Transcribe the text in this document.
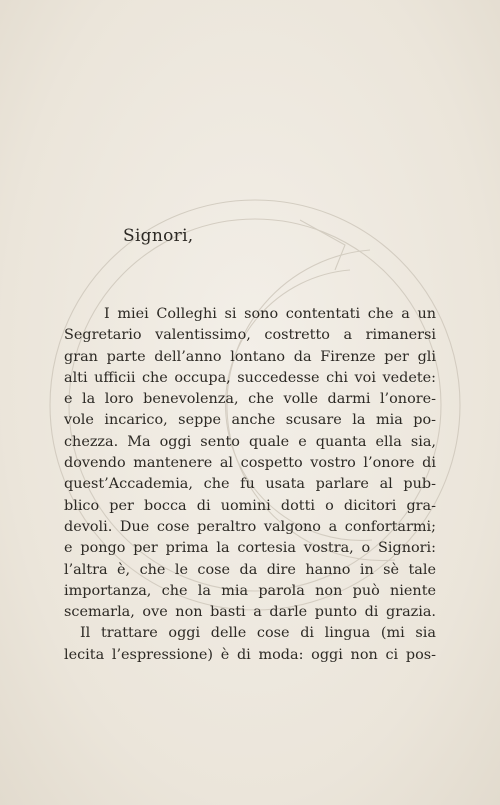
Signori,
I miei Colleghi si sono contentati che a un
Segretario valentissimo, costretto a rimanersi
gran parte dell’anno lontano da Firenze per gli
alti ufficii che occupa, succedesse chi voi vedete:
e la loro benevolenza, che volle darmi l’onore-
vole incarico, seppe anche scusare la mia po-
chezza. Ma oggi sento quale e quanta ella sia,
dovendo mantenere al cospetto vostro l’onore di
quest’Accademia, che fu usata parlare al pub-
blico per bocca di uomini dotti o dicitori gra-
devoli. Due cose peraltro valgono a confortarmi;
e pongo per prima la cortesia vostra, o Signori:
l’altra è, che le cose da dire hanno in sè tale
importanza, che la mia parola non può niente
scemarla, ove non basti a darle punto di grazia.
Il trattare oggi delle cose di lingua (mi sia
lecita l’espressione) è di moda: oggi non ci pos-
